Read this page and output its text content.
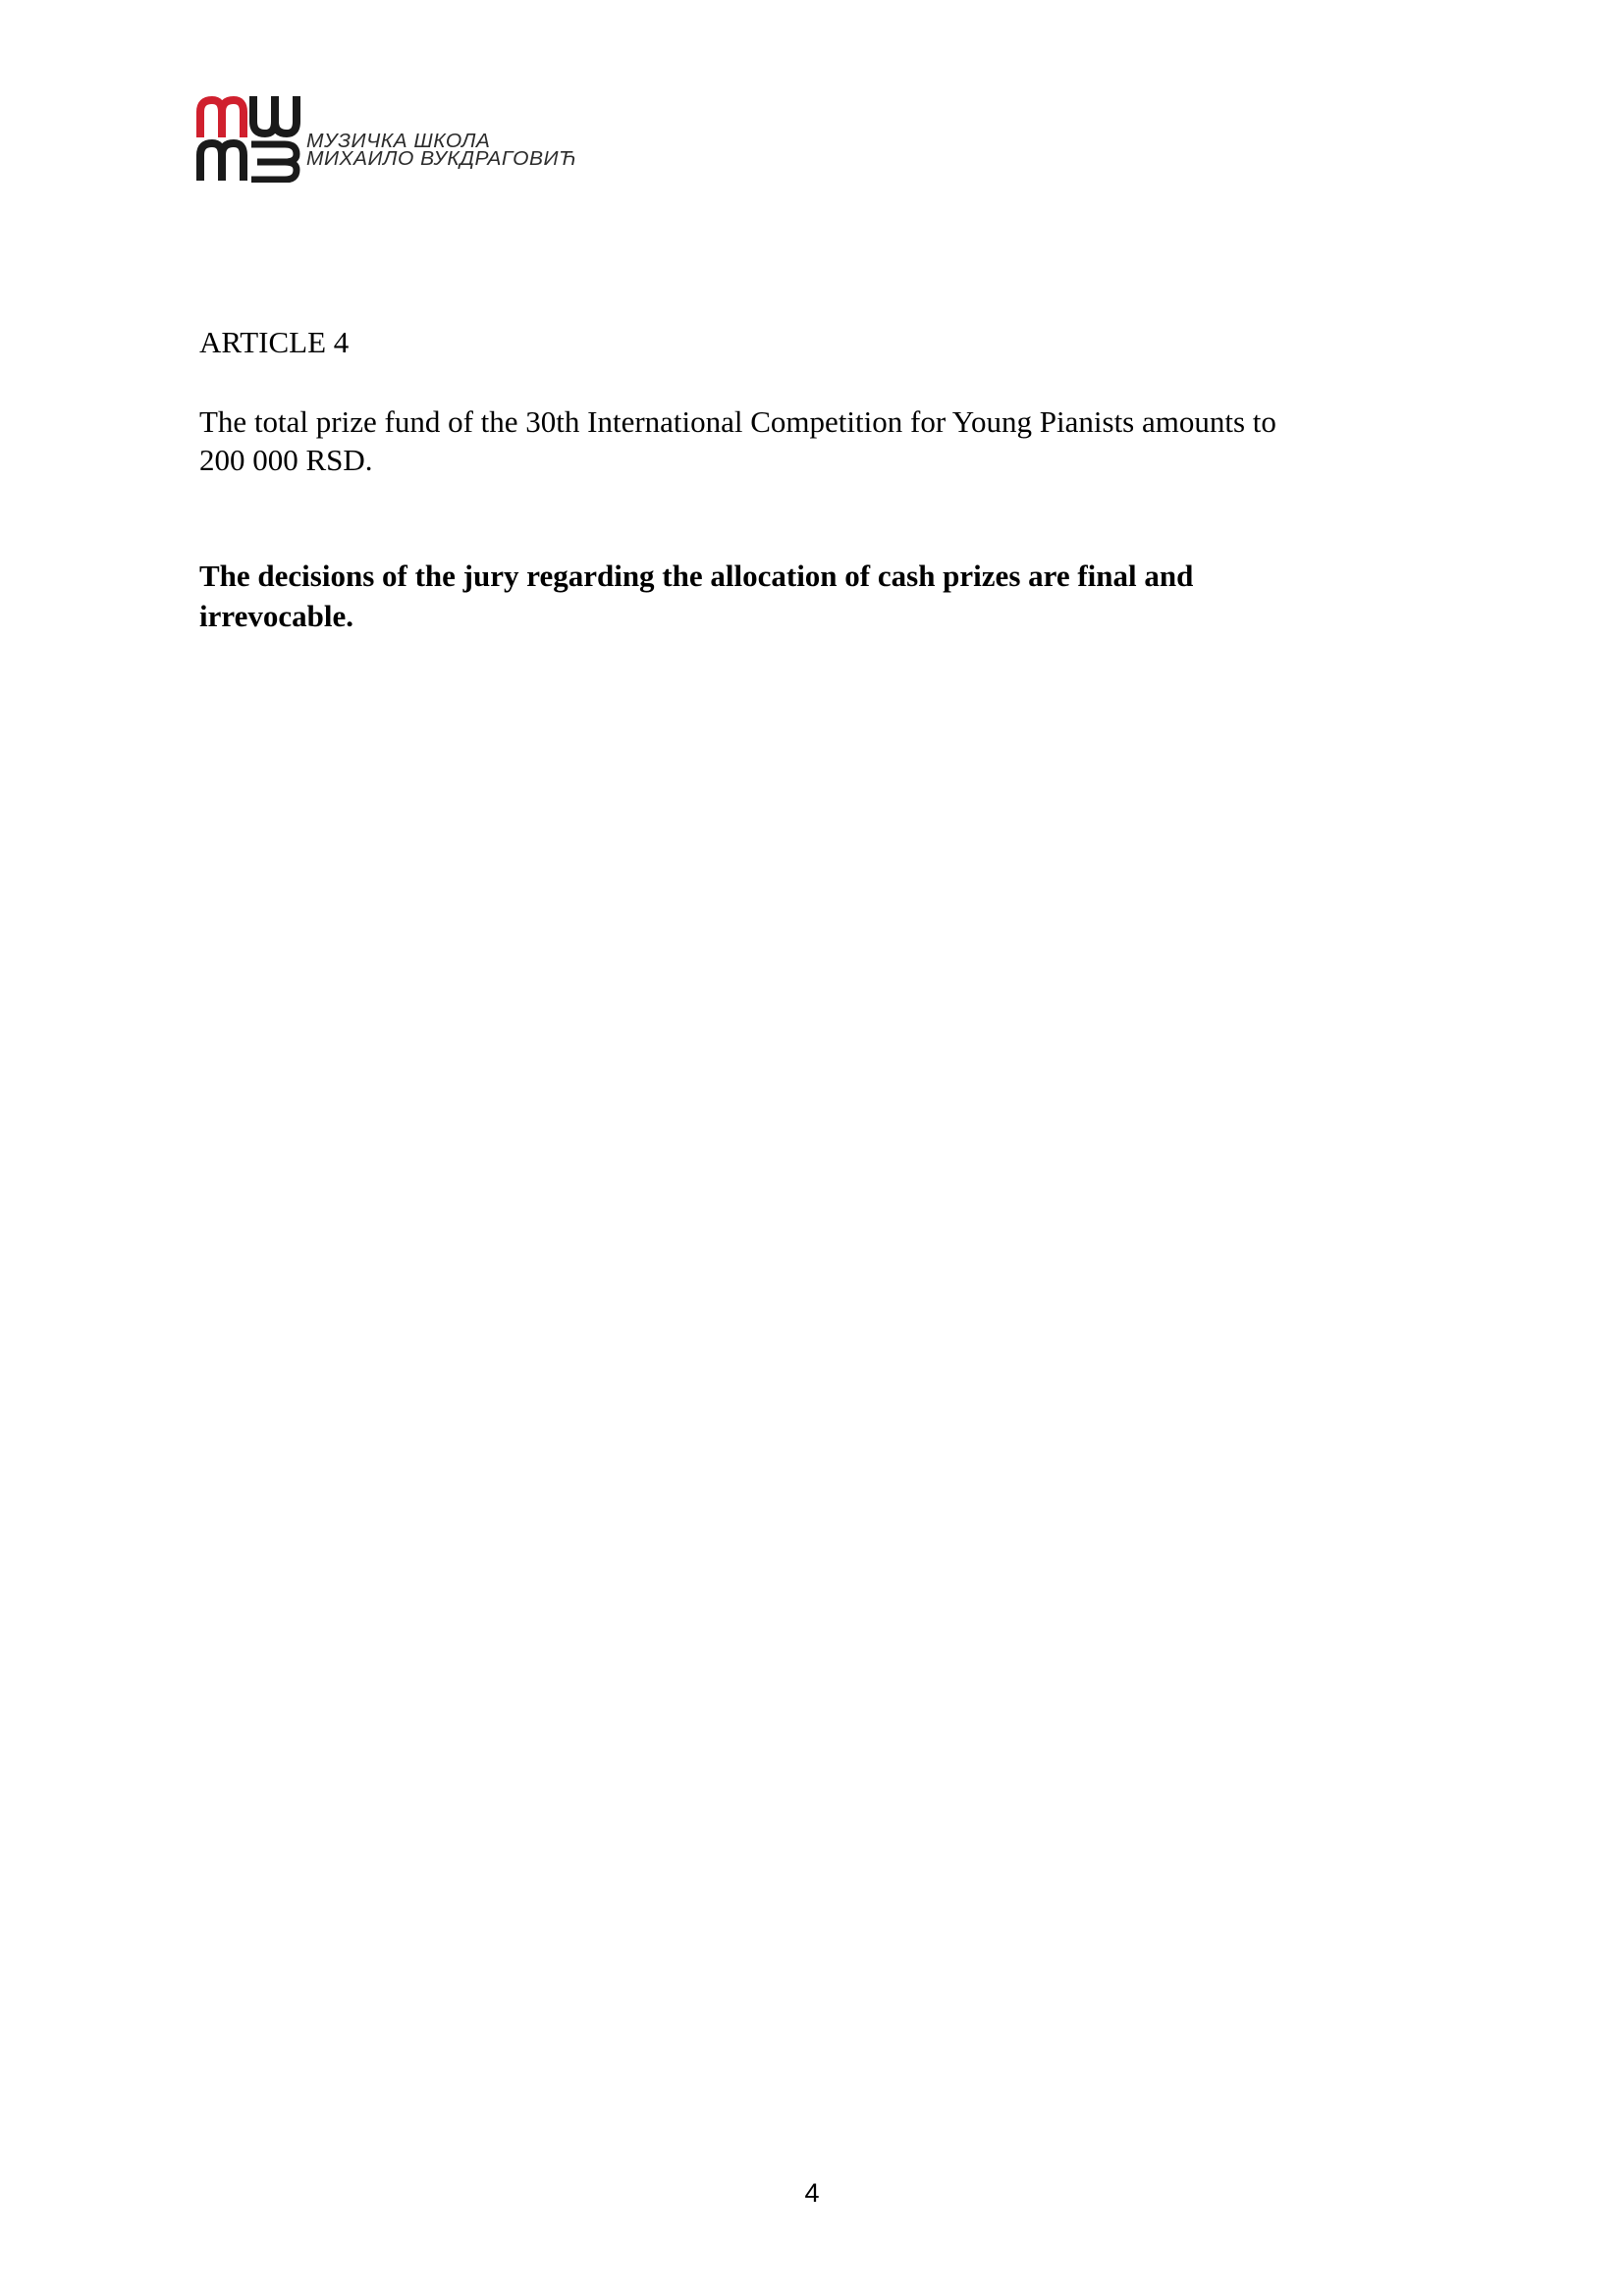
МУЗИЧКА ШКОЛА
МИХАИЛО ВУКДРАГОВИЋ
ARTICLE 4
The total prize fund of the 30th International Competition for Young Pianists amounts to
200 000 RSD.
The decisions of the jury regarding the allocation of cash prizes are final and
irrevocable.
4
